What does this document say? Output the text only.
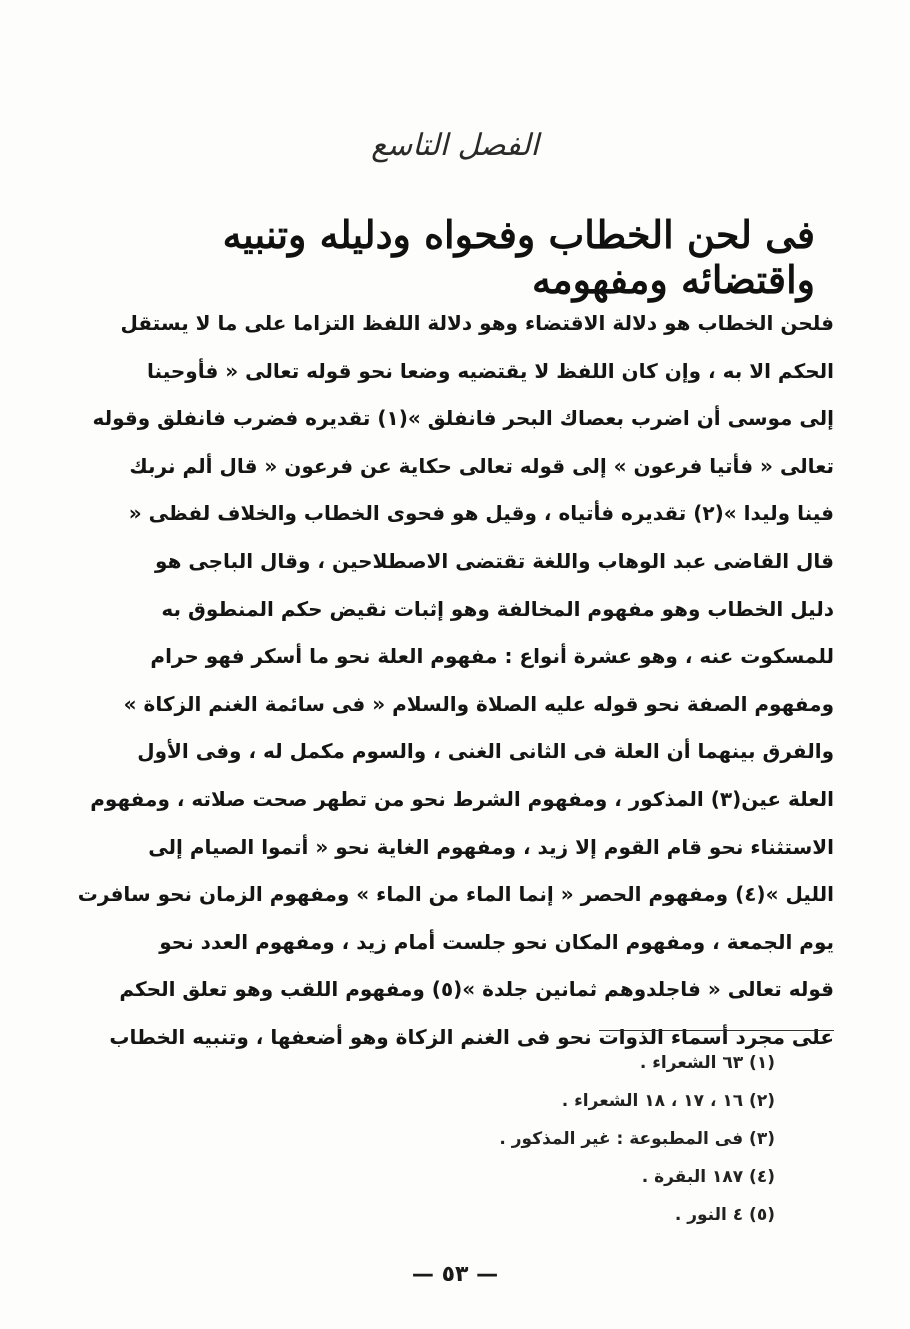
الفصل التاسع
فى لحن الخطاب وفحواه ودليله وتنبيه واقتضائه ومفهومه
فلحن الخطاب هو دلالة الاقتضاء وهو دلالة اللفظ التزاما على ما لا يستقل
الحكم الا به ، وإن كان اللفظ لا يقتضيه وضعا نحو قوله تعالى « فأوحينا
إلى موسى أن اضرب بعصاك البحر فانفلق »(١) تقديره فضرب فانفلق وقوله
تعالى « فأتيا فرعون » إلى قوله تعالى حكاية عن فرعون « قال ألم نربك
فينا وليدا »(٢) تقديره فأتياه ، وقيل هو فحوى الخطاب والخلاف لفظى «
قال القاضى عبد الوهاب واللغة تقتضى الاصطلاحين ، وقال الباجى هو
دليل الخطاب وهو مفهوم المخالفة وهو إثبات نقيض حكم المنطوق به
للمسكوت عنه ، وهو عشرة أنواع : مفهوم العلة نحو ما أسكر فهو حرام
ومفهوم الصفة نحو قوله عليه الصلاة والسلام « فى سائمة الغنم الزكاة »
والفرق بينهما أن العلة فى الثانى الغنى ، والسوم مكمل له ، وفى الأول
العلة عين(٣) المذكور ، ومفهوم الشرط نحو من تطهر صحت صلاته ، ومفهوم
الاستثناء نحو قام القوم إلا زيد ، ومفهوم الغاية نحو « أتموا الصيام إلى
الليل »(٤) ومفهوم الحصر « إنما الماء من الماء » ومفهوم الزمان نحو سافرت
يوم الجمعة ، ومفهوم المكان نحو جلست أمام زيد ، ومفهوم العدد نحو
قوله تعالى « فاجلدوهم ثمانين جلدة »(٥) ومفهوم اللقب وهو تعلق الحكم
على مجرد أسماء الذوات نحو فى الغنم الزكاة وهو أضعفها ، وتنبيه الخطاب
(١) ٦٣ الشعراء .
(٢) ١٦ ، ١٧ ، ١٨ الشعراء .
(٣) فى المطبوعة : غير المذكور .
(٤) ١٨٧ البقرة .
(٥) ٤ النور .
— ٥٣ —
